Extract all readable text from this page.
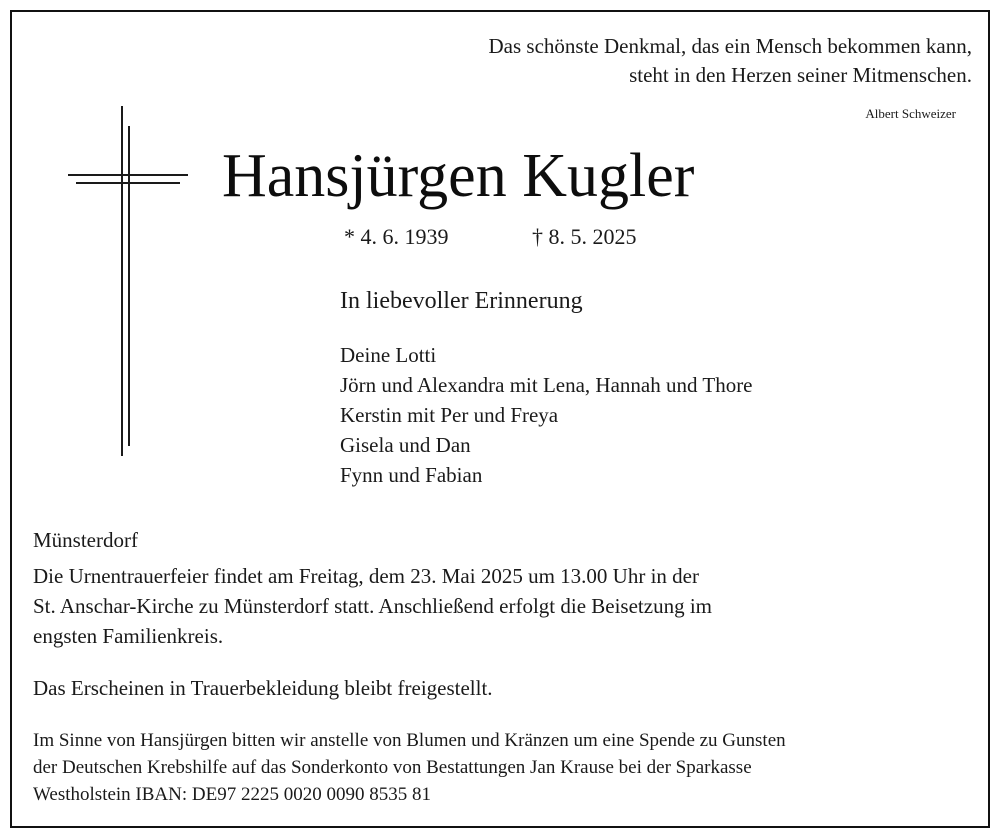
Das schönste Denkmal, das ein Mensch bekommen kann,
steht in den Herzen seiner Mitmenschen.
Albert Schweizer
Hansjürgen Kugler
* 4. 6. 1939	† 8. 5. 2025
In liebevoller Erinnerung
Deine Lotti
Jörn und Alexandra mit Lena, Hannah und Thore
Kerstin mit Per und Freya
Gisela und Dan
Fynn und Fabian
Münsterdorf
Die Urnentrauerfeier findet am Freitag, dem 23. Mai 2025 um 13.00 Uhr in der
St. Anschar-Kirche zu Münsterdorf statt. Anschließend erfolgt die Beisetzung im
engsten Familienkreis.
Das Erscheinen in Trauerbekleidung bleibt freigestellt.
Im Sinne von Hansjürgen bitten wir anstelle von Blumen und Kränzen um eine Spende zu Gunsten
der Deutschen Krebshilfe auf das Sonderkonto von Bestattungen Jan Krause bei der Sparkasse
Westholstein IBAN: DE97 2225 0020 0090 8535 81
